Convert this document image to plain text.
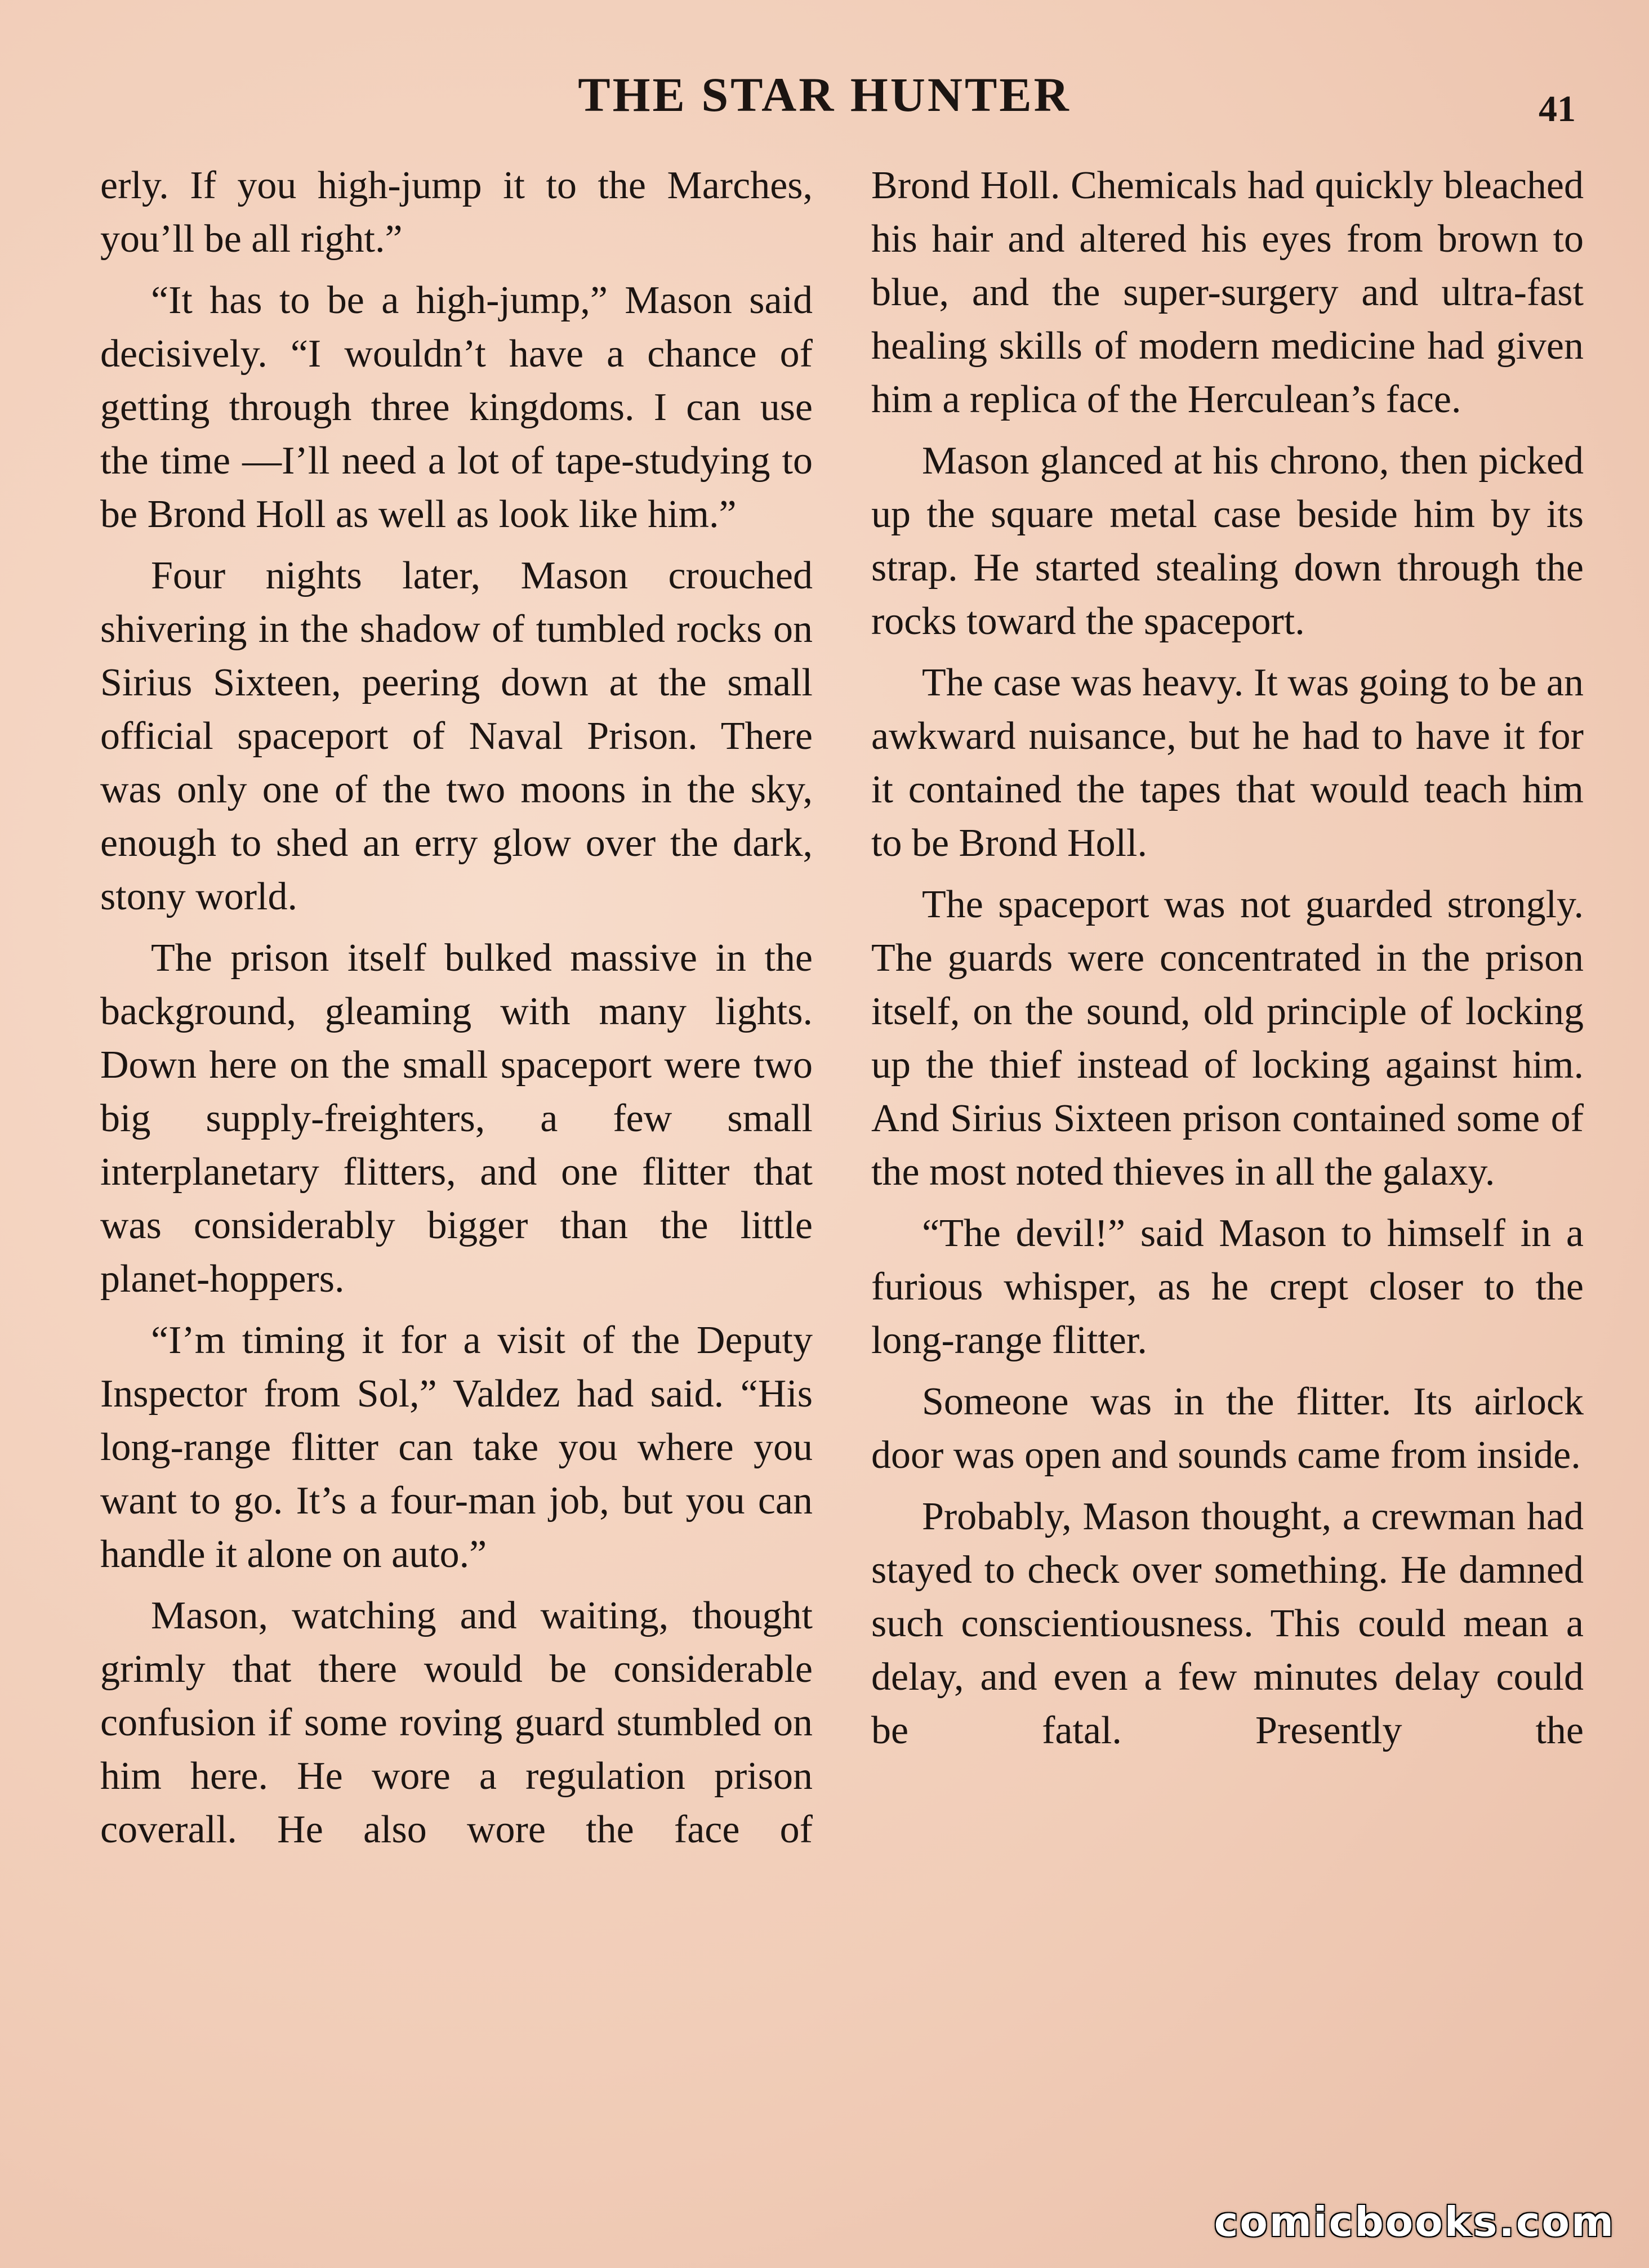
THE STAR HUNTER	41

erly. If you high-jump it to the Marches, you’ll be all right.”

“It has to be a high-jump,” Mason said decisively. “I wouldn’t have a chance of getting through three kingdoms. I can use the time —I’ll need a lot of tape-studying to be Brond Holl as well as look like him.”

Four nights later, Mason crouched shivering in the shadow of tumbled rocks on Sirius Sixteen, peering down at the small official spaceport of Naval Prison. There was only one of the two moons in the sky, enough to shed an erry glow over the dark, stony world.

The prison itself bulked massive in the background, gleaming with many lights. Down here on the small spaceport were two big supply-freighters, a few small interplanetary flitters, and one flitter that was considerably bigger than the little planet-hoppers.

“I’m timing it for a visit of the Deputy Inspector from Sol,” Valdez had said. “His long-range flitter can take you where you want to go. It’s a four-man job, but you can handle it alone on auto.”

Mason, watching and waiting, thought grimly that there would be considerable confusion if some roving guard stumbled on him here. He wore a regulation prison coverall. He also wore the face of

Brond Holl. Chemicals had quickly bleached his hair and altered his eyes from brown to blue, and the super-surgery and ultra-fast healing skills of modern medicine had given him a replica of the Herculean’s face.

Mason glanced at his chrono, then picked up the square metal case beside him by its strap. He started stealing down through the rocks toward the spaceport.

The case was heavy. It was going to be an awkward nuisance, but he had to have it for it contained the tapes that would teach him to be Brond Holl.

The spaceport was not guarded strongly. The guards were concentrated in the prison itself, on the sound, old principle of locking up the thief instead of locking against him. And Sirius Sixteen prison contained some of the most noted thieves in all the galaxy.

“The devil!” said Mason to himself in a furious whisper, as he crept closer to the long-range flitter.

Someone was in the flitter. Its airlock door was open and sounds came from inside.

Probably, Mason thought, a crewman had stayed to check over something. He damned such conscientiousness. This could mean a delay, and even a few minutes delay could be fatal. Presently the

comicbooks.com
